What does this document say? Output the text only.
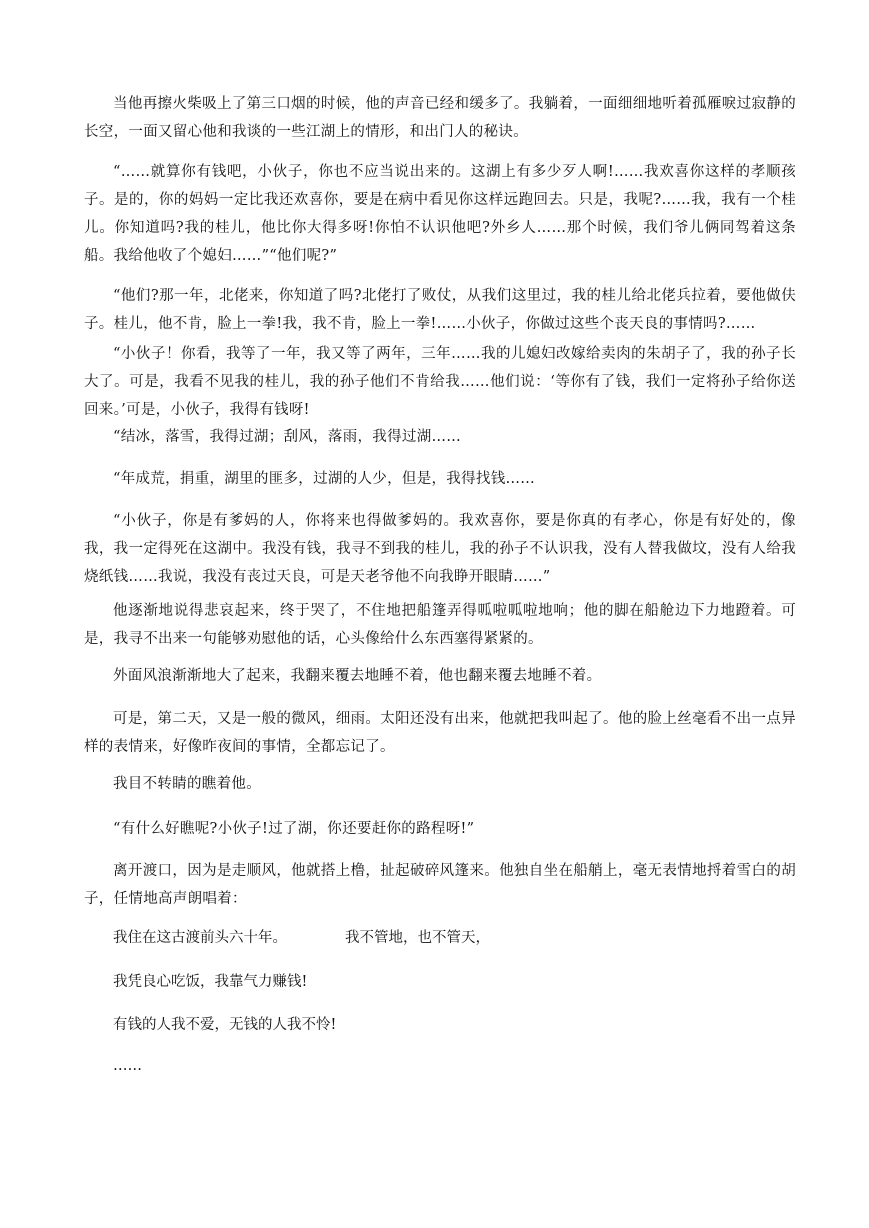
当他再擦火柴吸上了第三口烟的时候，他的声音已经和缓多了。我躺着，一面细细地听着孤雁唳过寂静的长空，一面又留心他和我谈的一些江湖上的情形，和出门人的秘诀。

“……就算你有钱吧，小伙子，你也不应当说出来的。这湖上有多少歹人啊!……我欢喜你这样的孝顺孩子。是的，你的妈妈一定比我还欢喜你，要是在病中看见你这样远跑回去。只是，我呢?……我，我有一个桂儿。你知道吗?我的桂儿，他比你大得多呀!你怕不认识他吧?外乡人……那个时候，我们爷儿俩同驾着这条船。我给他收了个媳妇……”“他们呢?”

“他们?那一年，北佬来，你知道了吗?北佬打了败仗，从我们这里过，我的桂儿给北佬兵拉着，要他做伕子。桂儿，他不肯，脸上一拳!我，我不肯，脸上一拳!……小伙子，你做过这些个丧天良的事情吗?……

“小伙子！你看，我等了一年，我又等了两年，三年……我的儿媳妇改嫁给卖肉的朱胡子了，我的孙子长大了。可是，我看不见我的桂儿，我的孙子他们不肯给我……他们说：‘等你有了钱，我们一定将孙子给你送回来。’可是，小伙子，我得有钱呀!

“结冰，落雪，我得过湖；刮风，落雨，我得过湖……

“年成荒，捐重，湖里的匪多，过湖的人少，但是，我得找钱……

“小伙子，你是有爹妈的人，你将来也得做爹妈的。我欢喜你，要是你真的有孝心，你是有好处的，像我，我一定得死在这湖中。我没有钱，我寻不到我的桂儿，我的孙子不认识我，没有人替我做坟，没有人给我烧纸钱……我说，我没有丧过天良，可是天老爷他不向我睁开眼睛……”

他逐渐地说得悲哀起来，终于哭了，不住地把船篷弄得呱啦呱啦地响；他的脚在船舱边下力地蹬着。可是，我寻不出来一句能够劝慰他的话，心头像给什么东西塞得紧紧的。

外面风浪渐渐地大了起来，我翻来覆去地睡不着，他也翻来覆去地睡不着。

可是，第二天，又是一般的微风，细雨。太阳还没有出来，他就把我叫起了。他的脸上丝毫看不出一点异样的表情来，好像昨夜间的事情，全都忘记了。

我目不转睛的瞧着他。

“有什么好瞧呢?小伙子!过了湖，你还要赶你的路程呀!”

离开渡口，因为是走顺风，他就搭上橹，扯起破碎风篷来。他独自坐在船艄上，毫无表情地捋着雪白的胡子，任情地高声朗唱着：

我住在这古渡前头六十年。	我不管地，也不管天，

我凭良心吃饭，我靠气力赚钱!

有钱的人我不爱，无钱的人我不怜!

……
